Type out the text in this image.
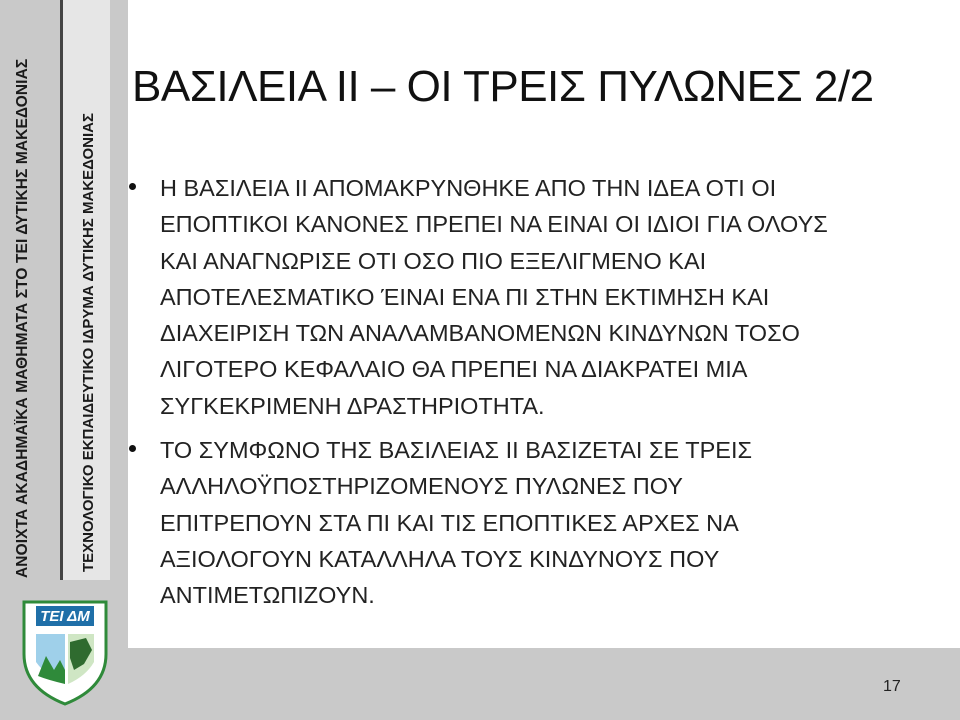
ΑΝΟΙΧΤΑ ΑΚΑΔΗΜΑΪΚΑ ΜΑΘΗΜΑΤΑ ΣΤΟ ΤΕΙ ΔΥΤΙΚΗΣ ΜΑΚΕΔΟΝΙΑΣ	ΤΕΧΝΟΛΟΓΙΚΟ ΕΚΠΑΙΔΕΥΤΙΚΟ ΙΔΡΥΜΑ ΔΥΤΙΚΗΣ ΜΑΚΕΔΟΝΙΑΣ
ΤΕΙ ΔΜ
ΒΑΣΙΛΕΙΑ ΙΙ – ΟΙ ΤΡΕΙΣ ΠΥΛΩΝΕΣ 2/2
Η ΒΑΣΙΛΕΙΑ ΙΙ ΑΠΟΜΑΚΡΥΝΘΗΚΕ ΑΠΟ ΤΗΝ ΙΔΕΑ ΟΤΙ ΟΙ
ΕΠΟΠΤΙΚΟΙ ΚΑΝΟΝΕΣ ΠΡΕΠΕΙ ΝΑ ΕΙΝΑΙ ΟΙ ΙΔΙΟΙ ΓΙΑ ΟΛΟΥΣ
ΚΑΙ ΑΝΑΓΝΩΡΙΣΕ ΟΤΙ ΟΣΟ ΠΙΟ ΕΞΕΛΙΓΜΕΝΟ ΚΑΙ
ΑΠΟΤΕΛΕΣΜΑΤΙΚΟ ΈΙΝΑΙ ΕΝΑ ΠΙ ΣΤΗΝ ΕΚΤΙΜΗΣΗ ΚΑΙ
ΔΙΑΧΕΙΡΙΣΗ ΤΩΝ ΑΝΑΛΑΜΒΑΝΟΜΕΝΩΝ ΚΙΝΔΥΝΩΝ ΤΟΣΟ
ΛΙΓΟΤΕΡΟ ΚΕΦΑΛΑΙΟ ΘΑ ΠΡΕΠΕΙ ΝΑ ΔΙΑΚΡΑΤΕΙ ΜΙΑ
ΣΥΓΚΕΚΡΙΜΕΝΗ ΔΡΑΣΤΗΡΙΟΤΗΤΑ.
ΤΟ ΣΥΜΦΩΝΟ ΤΗΣ ΒΑΣΙΛΕΙΑΣ ΙΙ ΒΑΣΙΖΕΤΑΙ ΣΕ ΤΡΕΙΣ
ΑΛΛΗΛΟΫΠΟΣΤΗΡΙΖΟΜΕΝΟΥΣ ΠΥΛΩΝΕΣ ΠΟΥ
ΕΠΙΤΡΕΠΟΥΝ ΣΤΑ ΠΙ ΚΑΙ ΤΙΣ ΕΠΟΠΤΙΚΕΣ ΑΡΧΕΣ ΝΑ
ΑΞΙΟΛΟΓΟΥΝ ΚΑΤΑΛΛΗΛΑ ΤΟΥΣ ΚΙΝΔΥΝΟΥΣ ΠΟΥ
ΑΝΤΙΜΕΤΩΠΙΖΟΥΝ.
17
